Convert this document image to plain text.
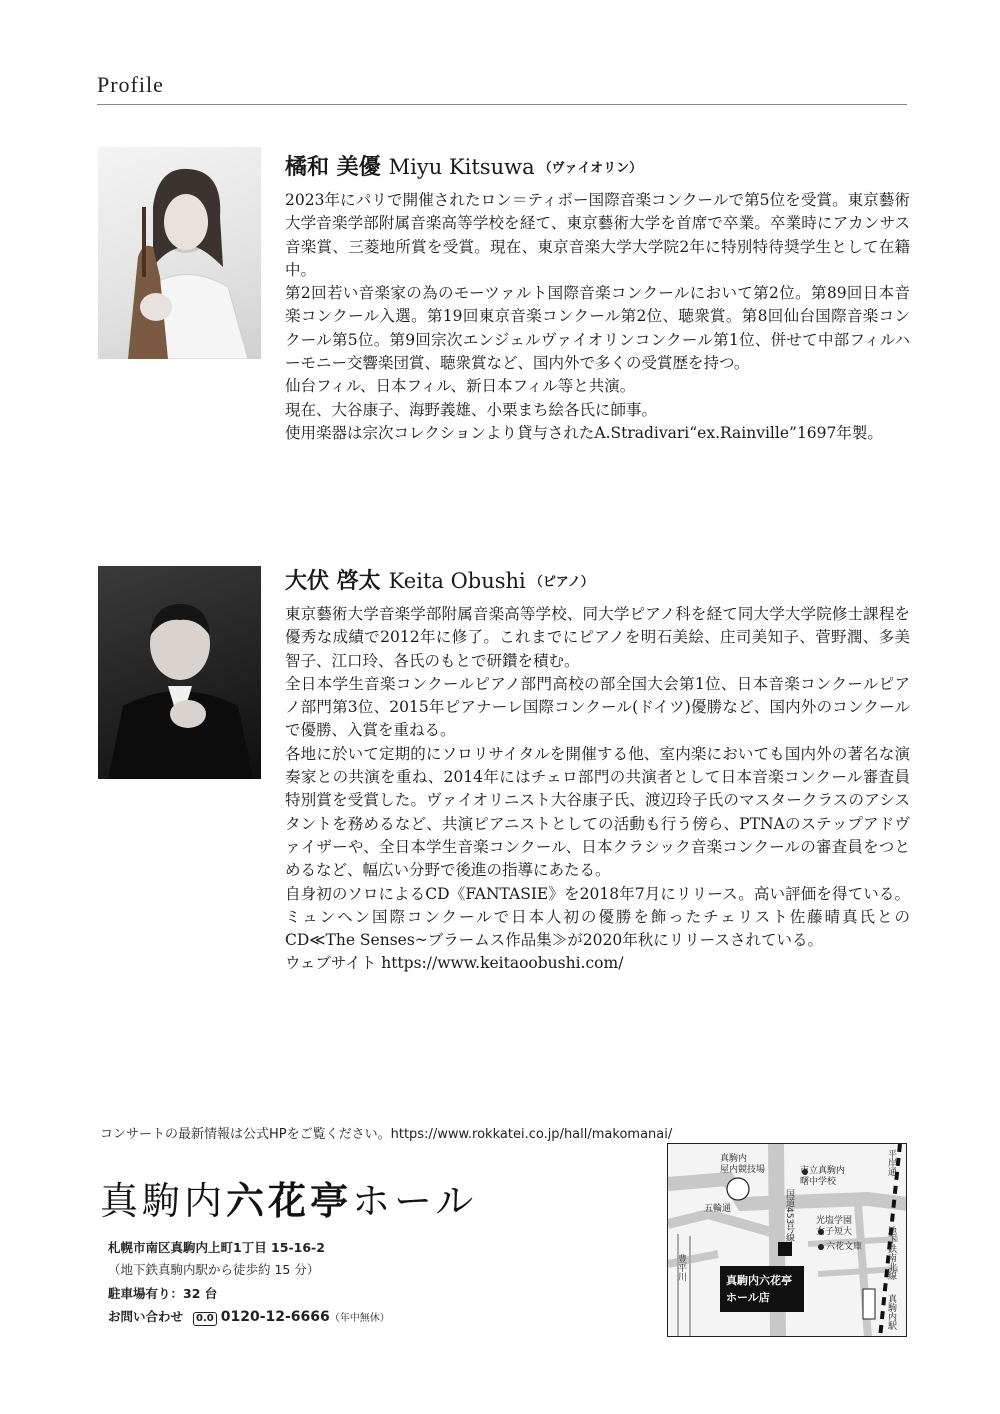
Profile
橘和 美優 Miyu Kitsuwa （ヴァイオリン）

2023年にパリで開催されたロン＝ティボー国際音楽コンクールで第5位を受賞。東京藝術大学音楽学部附属音楽高等学校を経て、東京藝術大学を首席で卒業。卒業時にアカンサス音楽賞、三菱地所賞を受賞。現在、東京音楽大学大学院2年に特別特待奨学生として在籍中。

第2回若い音楽家の為のモーツァルト国際音楽コンクールにおいて第2位。第89回日本音楽コンクール入選。第19回東京音楽コンクール第2位、聴衆賞。第8回仙台国際音楽コンクール第5位。第9回宗次エンジェルヴァイオリンコンクール第1位、併せて中部フィルハーモニー交響楽団賞、聴衆賞など、国内外で多くの受賞歴を持つ。

仙台フィル、日本フィル、新日本フィル等と共演。

現在、大谷康子、海野義雄、小栗まち絵各氏に師事。

使用楽器は宗次コレクションより貸与されたA.Stradivari“ex.Rainville”1697年製。

大伏 啓太 Keita Obushi （ピアノ）

東京藝術大学音楽学部附属音楽高等学校、同大学ピアノ科を経て同大学大学院修士課程を優秀な成績で2012年に修了。これまでにピアノを明石美絵、庄司美知子、菅野潤、多美智子、江口玲、各氏のもとで研鑽を積む。

全日本学生音楽コンクールピアノ部門高校の部全国大会第1位、日本音楽コンクールピアノ部門第3位、2015年ピアナーレ国際コンクール(ドイツ)優勝など、国内外のコンクールで優勝、入賞を重ねる。

各地に於いて定期的にソロリサイタルを開催する他、室内楽においても国内外の著名な演奏家との共演を重ね、2014年にはチェロ部門の共演者として日本音楽コンクール審査員特別賞を受賞した。ヴァイオリニスト大谷康子氏、渡辺玲子氏のマスタークラスのアシスタントを務めるなど、共演ピアニストとしての活動も行う傍ら、PTNAのステップアドヴァイザーや、全日本学生音楽コンクール、日本クラシック音楽コンクールの審査員をつとめるなど、幅広い分野で後進の指導にあたる。

自身初のソロによるCD《FANTASIE》を2018年7月にリリース。高い評価を得ている。ミュンヘン国際コンクールで日本人初の優勝を飾ったチェリスト佐藤晴真氏とのCD≪The Senses~ブラームス作品集≫が2020年秋にリリースされている。

ウェブサイト https://www.keitaoobushi.com/

コンサートの最新情報は公式HPをご覧ください。https://www.rokkatei.co.jp/hall/makomanai/
真駒内六花亭ホール
札幌市南区真駒内上町1丁目 15-16-2
（地下鉄真駒内駅から徒歩約 15 分）
駐車場有り：32 台
お問い合わせ 0.0 0120-12-6666（年中無休）
真駒内
屋内競技場	市立真駒内
曙中学校
五輪通	国道453号線 光塩学園
女子短大
六花文庫
豊平川	地下鉄南北線
真駒内駅
平岸通
真駒内六花亭
ホール店
